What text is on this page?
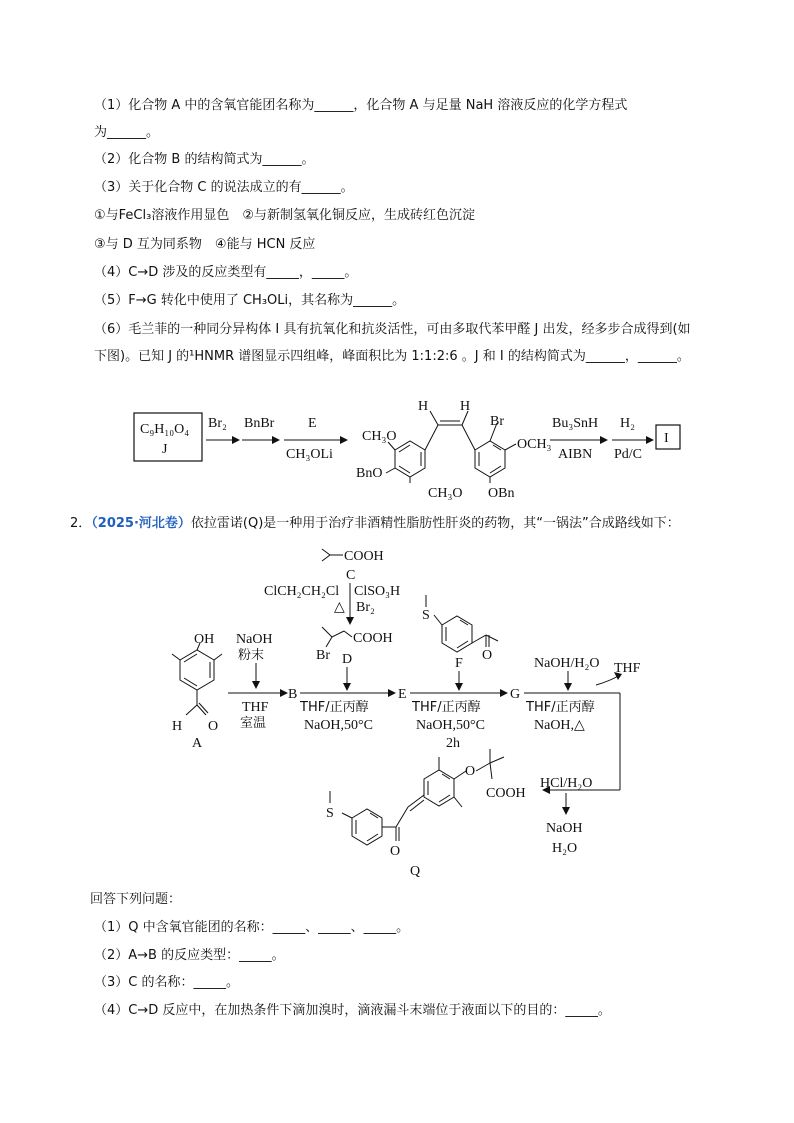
（1）化合物 A 中的含氧官能团名称为______，化合物 A 与足量 NaH 溶液反应的化学方程式
为______。
（2）化合物 B 的结构简式为______。
（3）关于化合物 C 的说法成立的有______。
①与FeCl₃溶液作用显色　②与新制氢氧化铜反应，生成砖红色沉淀
③与 D 互为同系物　④能与 HCN 反应
（4）C→D 涉及的反应类型有_____，_____。
（5）F→G 转化中使用了 CH₃OLi，其名称为______。
（6）毛兰菲的一种同分异构体 I 具有抗氧化和抗炎活性，可由多取代苯甲醛 J 出发，经多步合成得到(如
下图)。已知 J 的¹HNMR 谱图显示四组峰，峰面积比为 1:1:2:6 。J 和 I 的结构简式为______，______。
C₉H₁₀O₄
J
Br₂ BnBr E
CH₃OLi
H H
CH₃O
BnO
CH₃O
Br
OCH₃
OBn
Bu₃SnH
AIBN
H₂
Pd/C
I
2．（2025·河北卷）依拉雷诺(Q)是一种用于治疗非酒精性脂肪性肝炎的药物，其“一锅法”合成路线如下：
COOH
C
ClCH₂CH₂Cl ClSO₃H
△ Br₂
COOH
Br D
OH
O
H
A
NaOH
粉末
THF
室温
B
THF/正丙醇
NaOH,50°C
E
S
O
F
THF/正丙醇
NaOH,50°C
2h
G
NaOH/H₂O THF
THF/正丙醇
NaOH,△
HCl/H₂O
NaOH
H₂O
S
O
O
COOH
Q
回答下列问题：
（1）Q 中含氧官能团的名称：_____、_____、_____。
（2）A→B 的反应类型：_____。
（3）C 的名称：_____。
（4）C→D 反应中，在加热条件下滴加溴时，滴液漏斗末端位于液面以下的目的：_____。
